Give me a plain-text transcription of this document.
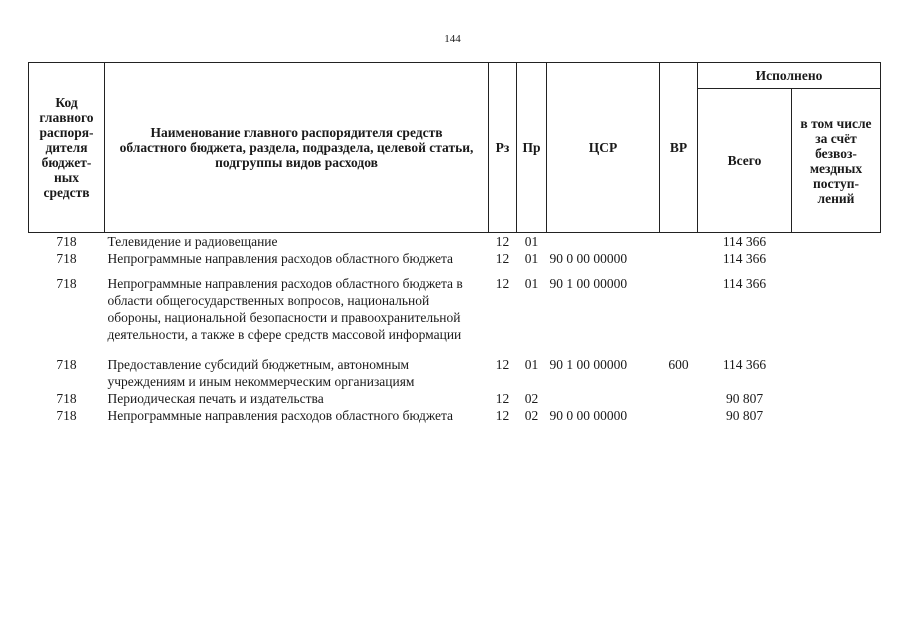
144
Код главного распоря-дителя бюджет-ных средств	Наименование главного распорядителя средств областного бюджета, раздела, подраздела, целевой статьи, подгруппы видов расходов	Рз	Пр	ЦСР	ВР	Исполнено	
						Всего	в том числе за счёт безвоз-мездных поступ-лений
718	Телевидение и радиовещание	12	01			114 366	
718	Непрограммные направления расходов областного бюджета	12	01	90 0 00 00000		114 366	
718	Непрограммные направления расходов областного бюджета в области общегосударственных вопросов, национальной обороны, национальной безопасности и правоохранительной деятельности, а также в сфере средств массовой информации	12	01	90 1 00 00000		114 366	
718	Предоставление субсидий бюджетным, автономным учреждениям и иным некоммерческим организациям	12	01	90 1 00 00000	600	114 366	
718	Периодическая печать и издательства	12	02			90 807	
718	Непрограммные направления расходов областного бюджета	12	02	90 0 00 00000		90 807	
